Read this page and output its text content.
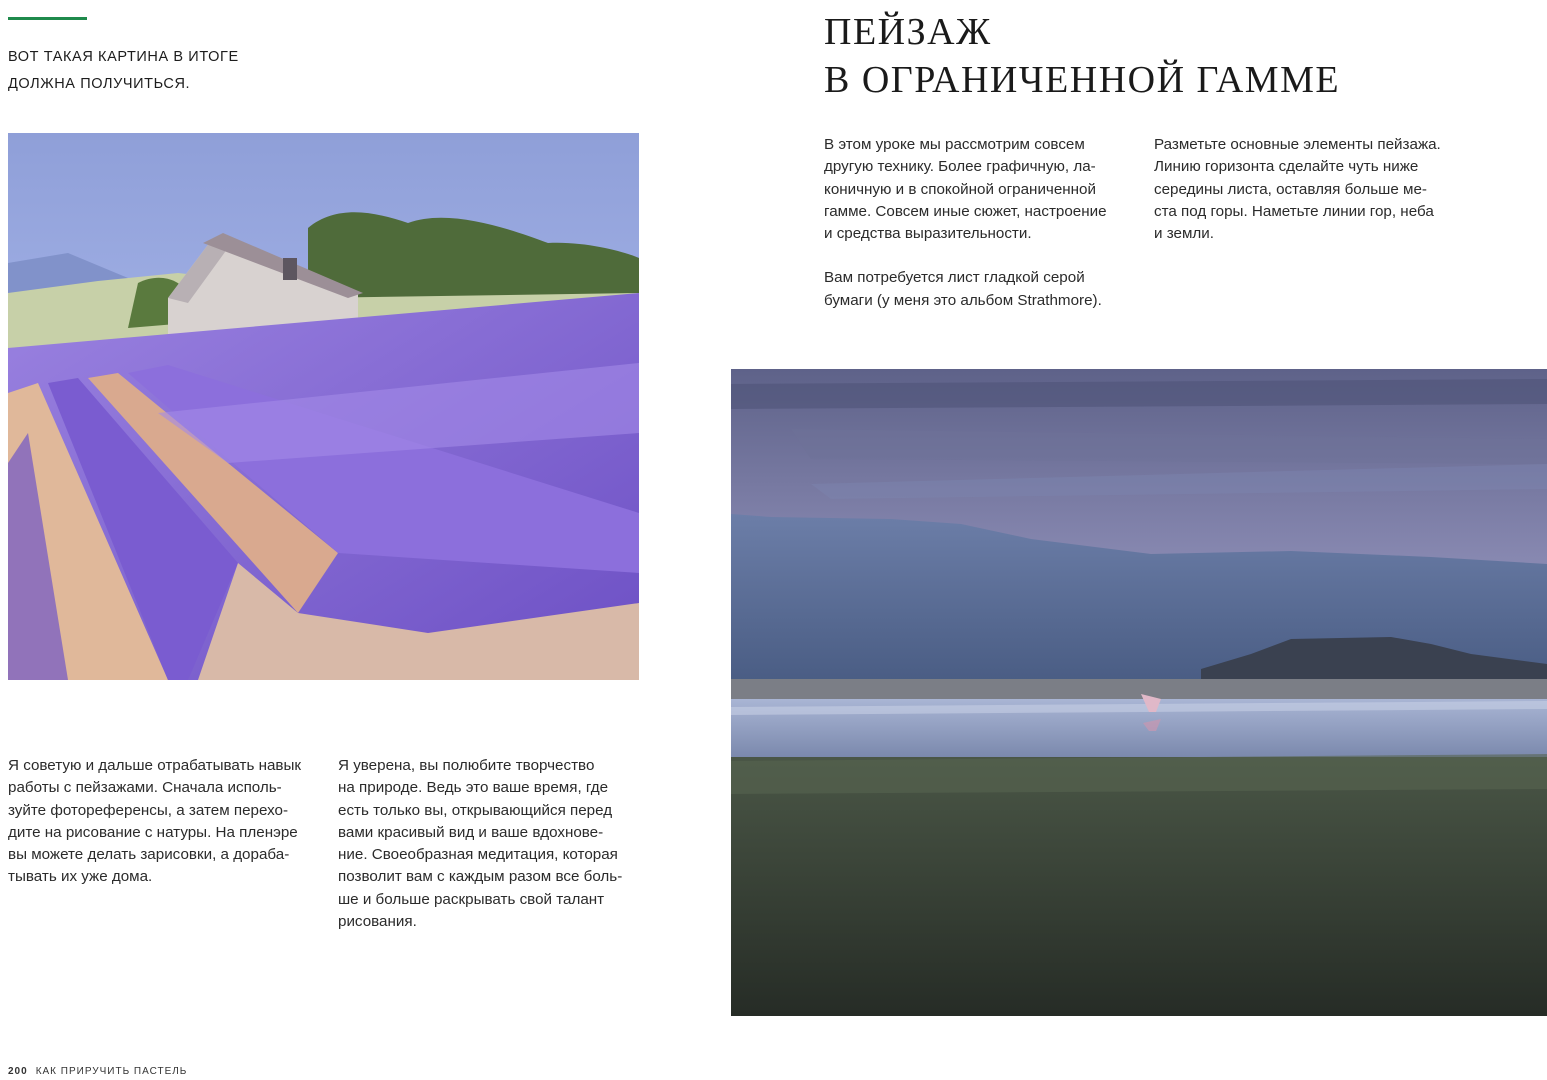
ВОТ ТАКАЯ КАРТИНА В ИТОГЕ
ДОЛЖНА ПОЛУЧИТЬСЯ.
ПЕЙЗАЖ
В ОГРАНИЧЕННОЙ ГАММЕ
В этом уроке мы рассмотрим совсем
другую технику. Более графичную, ла-
коничную и в спокойной ограниченной
гамме. Совсем иные сюжет, настроение
и средства выразительности.
Вам потребуется лист гладкой серой
бумаги (у меня это альбом Strathmore).
Разметьте основные элементы пейзажа.
Линию горизонта сделайте чуть ниже
середины листа, оставляя больше ме-
ста под горы. Наметьте линии гор, неба
и земли.
Я советую и дальше отрабатывать навык
работы с пейзажами. Сначала исполь-
зуйте фотореференсы, а затем перехо-
дите на рисование с натуры. На пленэре
вы можете делать зарисовки, а дораба-
тывать их уже дома.
Я уверена, вы полюбите творчество
на природе. Ведь это ваше время, где
есть только вы, открывающийся перед
вами красивый вид и ваше вдохнове-
ние. Своеобразная медитация, которая
позволит вам с каждым разом все боль-
ше и больше раскрывать свой талант
рисования.
200 КАК ПРИРУЧИТЬ ПАСТЕЛЬ
